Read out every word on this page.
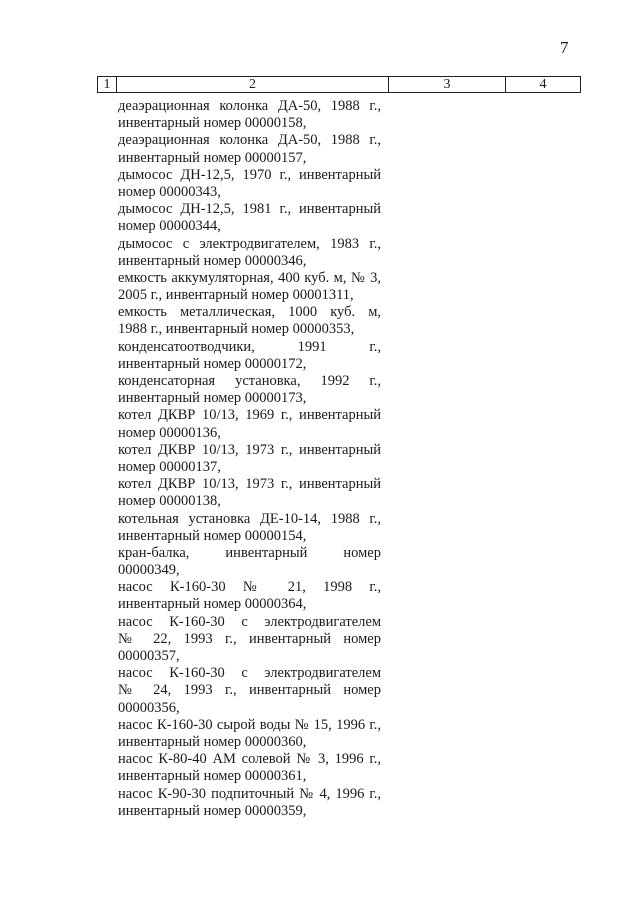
7
1	2	3	4
деаэрационная колонка ДА-50, 1988 г.,
инвентарный номер 00000158,
деаэрационная колонка ДА-50, 1988 г.,
инвентарный номер 00000157,
дымосос ДН-12,5, 1970 г., инвентарный
номер 00000343,
дымосос ДН-12,5, 1981 г., инвентарный
номер 00000344,
дымосос с электродвигателем, 1983 г.,
инвентарный номер 00000346,
емкость аккумуляторная, 400 куб. м, № 3,
2005 г., инвентарный номер 00001311,
емкость металлическая, 1000 куб. м,
1988 г., инвентарный номер 00000353,
конденсатоотводчики, 1991 г.,
инвентарный номер 00000172,
конденсаторная установка, 1992 г.,
инвентарный номер 00000173,
котел ДКВР 10/13, 1969 г., инвентарный
номер 00000136,
котел ДКВР 10/13, 1973 г., инвентарный
номер 00000137,
котел ДКВР 10/13, 1973 г., инвентарный
номер 00000138,
котельная установка ДЕ-10-14, 1988 г.,
инвентарный номер 00000154,
кран-балка, инвентарный номер
00000349,
насос К-160-30 № 21, 1998 г.,
инвентарный номер 00000364,
насос К-160-30 с электродвигателем
№ 22, 1993 г., инвентарный номер
00000357,
насос К-160-30 с электродвигателем
№ 24, 1993 г., инвентарный номер
00000356,
насос К-160-30 сырой воды № 15, 1996 г.,
инвентарный номер 00000360,
насос К-80-40 АМ солевой № 3, 1996 г.,
инвентарный номер 00000361,
насос К-90-30 подпиточный № 4, 1996 г.,
инвентарный номер 00000359,
